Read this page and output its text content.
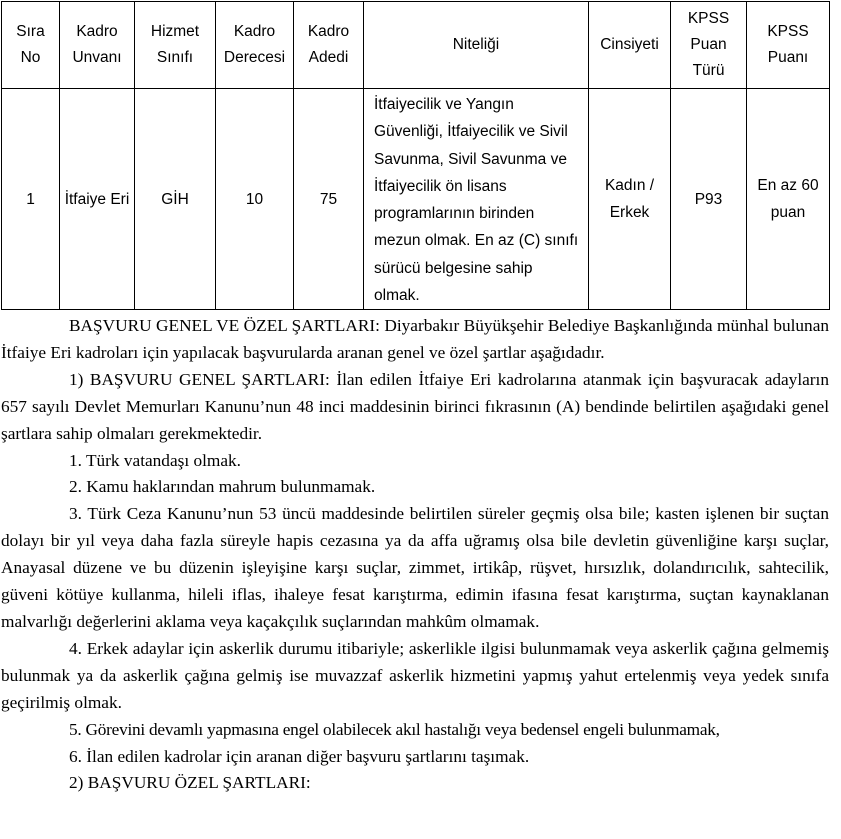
Sıra No	Kadro Unvanı	Hizmet Sınıfı	Kadro Derecesi	Kadro Adedi	Niteliği	Cinsiyeti	KPSS Puan Türü	KPSS Puanı
1	İtfaiye Eri	GİH	10	75	İtfaiyecilik ve Yangın Güvenliği, İtfaiyecilik ve Sivil Savunma, Sivil Savunma ve İtfaiyecilik ön lisans programlarının birinden mezun olmak. En az (C) sınıfı sürücü belgesine sahip olmak.	Kadın / Erkek	P93	En az 60 puan

BAŞVURU GENEL VE ÖZEL ŞARTLARI: Diyarbakır Büyükşehir Belediye Başkanlığında münhal bulunan İtfaiye Eri kadroları için yapılacak başvurularda aranan genel ve özel şartlar aşağıdadır.

1) BAŞVURU GENEL ŞARTLARI: İlan edilen İtfaiye Eri kadrolarına atanmak için başvuracak adayların 657 sayılı Devlet Memurları Kanunu’nun 48 inci maddesinin birinci fıkrasının (A) bendinde belirtilen aşağıdaki genel şartlara sahip olmaları gerekmektedir.

1. Türk vatandaşı olmak.

2. Kamu haklarından mahrum bulunmamak.

3. Türk Ceza Kanunu’nun 53 üncü maddesinde belirtilen süreler geçmiş olsa bile; kasten işlenen bir suçtan dolayı bir yıl veya daha fazla süreyle hapis cezasına ya da affa uğramış olsa bile devletin güvenliğine karşı suçlar, Anayasal düzene ve bu düzenin işleyişine karşı suçlar, zimmet, irtikâp, rüşvet, hırsızlık, dolandırıcılık, sahtecilik, güveni kötüye kullanma, hileli iflas, ihaleye fesat karıştırma, edimin ifasına fesat karıştırma, suçtan kaynaklanan malvarlığı değerlerini aklama veya kaçakçılık suçlarından mahkûm olmamak.

4. Erkek adaylar için askerlik durumu itibariyle; askerlikle ilgisi bulunmamak veya askerlik çağına gelmemiş bulunmak ya da askerlik çağına gelmiş ise muvazzaf askerlik hizmetini yapmış yahut ertelenmiş veya yedek sınıfa geçirilmiş olmak.

5. Görevini devamlı yapmasına engel olabilecek akıl hastalığı veya bedensel engeli bulunmamak,

6. İlan edilen kadrolar için aranan diğer başvuru şartlarını taşımak.

2) BAŞVURU ÖZEL ŞARTLARI:
